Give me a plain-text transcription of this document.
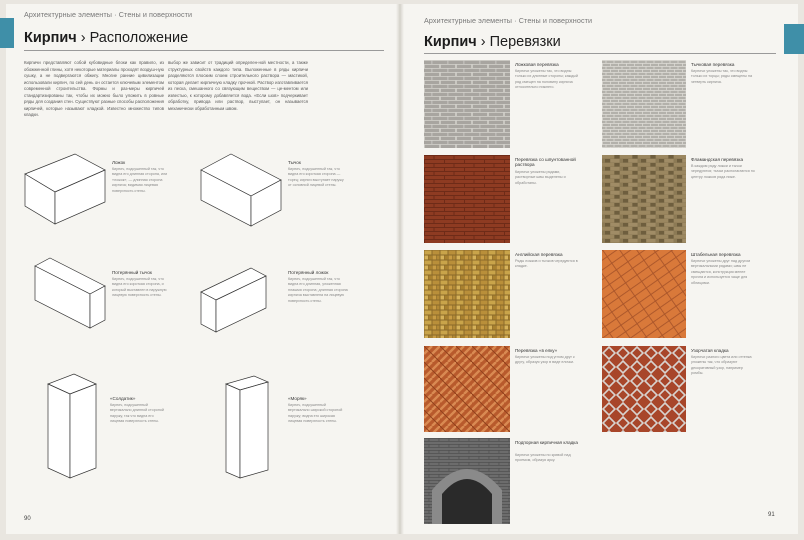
Архитектурные элементы · Стены и поверхности
Кирпич › Расположение
Кирпичи представляют собой кубовидные блоки как правило, из обожженной глины, хотя некоторые материалы проходят воздуш-ную сушку, а не подвергаются обжигу. Многие ранние цивилизации использовали кирпич, по сей день он остается ключевым элементом современной строительства. Формы и раз-меры кирпичей стандартизированы так, чтобы их можно было уложить в ровные ряды для создания стен. Существуют разные способы расположения кирпичей, которые называют кладкой. Известно множество типов кладки.
выбор же зависит от традиций определен-ной местности, а также структурных свойств каждого типа. Выложенные в ряды кирпичи разделяются плоским слоем строительного раствора — мастикой, которая делает кирпичную кладку прочной. Раствор изготавливается из песка, смешанного со связующим веществом — це-ментом или известью, к которому добавляется вода. «Если шов» подчеркивает обработку, привода или раствор, выступает, он называется механически обработанным швом.
Ложок
Кирпич, подсушенный так, что видна его длинная сторона, или «ложок», — длинная сторона кирпича; видимая лицевая поверхность стены.
Тычок
Кирпич, подсушенный так, что видна его короткая сторона — торец; кирпич выступает наружу от основной лицевой стены.
Потерянный тычок
Кирпич, подсушенный так, что видна его короткая сторона, и который выставлен в наружную лицевую поверхность стены.
Потерянный ложок
Кирпич, подсушенный так, что видна его длинная, уложенная плашмя сторона; длинная сторона кирпича выставлена на лицевую поверхность стены.
«Солдатик»
Кирпич, подсушенный вертикально длинной стороной наружу, так что видна его лицевая поверхность стены.
«Моряк»
Кирпич, подсушенный вертикально широкой стороной наружу; видна его широкая лицевая поверхность стены.
90
Архитектурные элементы · Стены и поверхности
Кирпич › Перевязки
Ложковая перевязка
Кирпичи уложены так, что видны только их длинные стороны; каждый ряд смещен на половину кирпича относительно нижнего.
Тычковая перевязка
Кирпичи уложены так, что видны только их торцы; ряды смещены на четверть кирпича.
Перевязка со шпунтованной раствора
Кирпичи уложены рядами, растворные швы выделены и обработаны.
Фламандская перевязка
В каждом ряду ложки и тычки чередуются; тычки располагаются по центру ложков ряда ниже.
Английская перевязка
Ряды ложков и тычков чередуются в кладке.
Штабельная перевязка
Кирпичи уложены друг над другом вертикальными рядами; швы не смещаются, конструкция менее прочна и используется чаще для облицовки.
Перевязка «в елку»
Кирпичи уложены под углом друг к другу, образуя узор в виде елочки.
Узорчатая кладка
Кирпичи разного цвета или оттенка уложены так, что образуют декоративный узор, например ромбы.
Подпорная кирпичная кладка
Кирпичи уложены по кривой над проемом, образуя арку.
91
